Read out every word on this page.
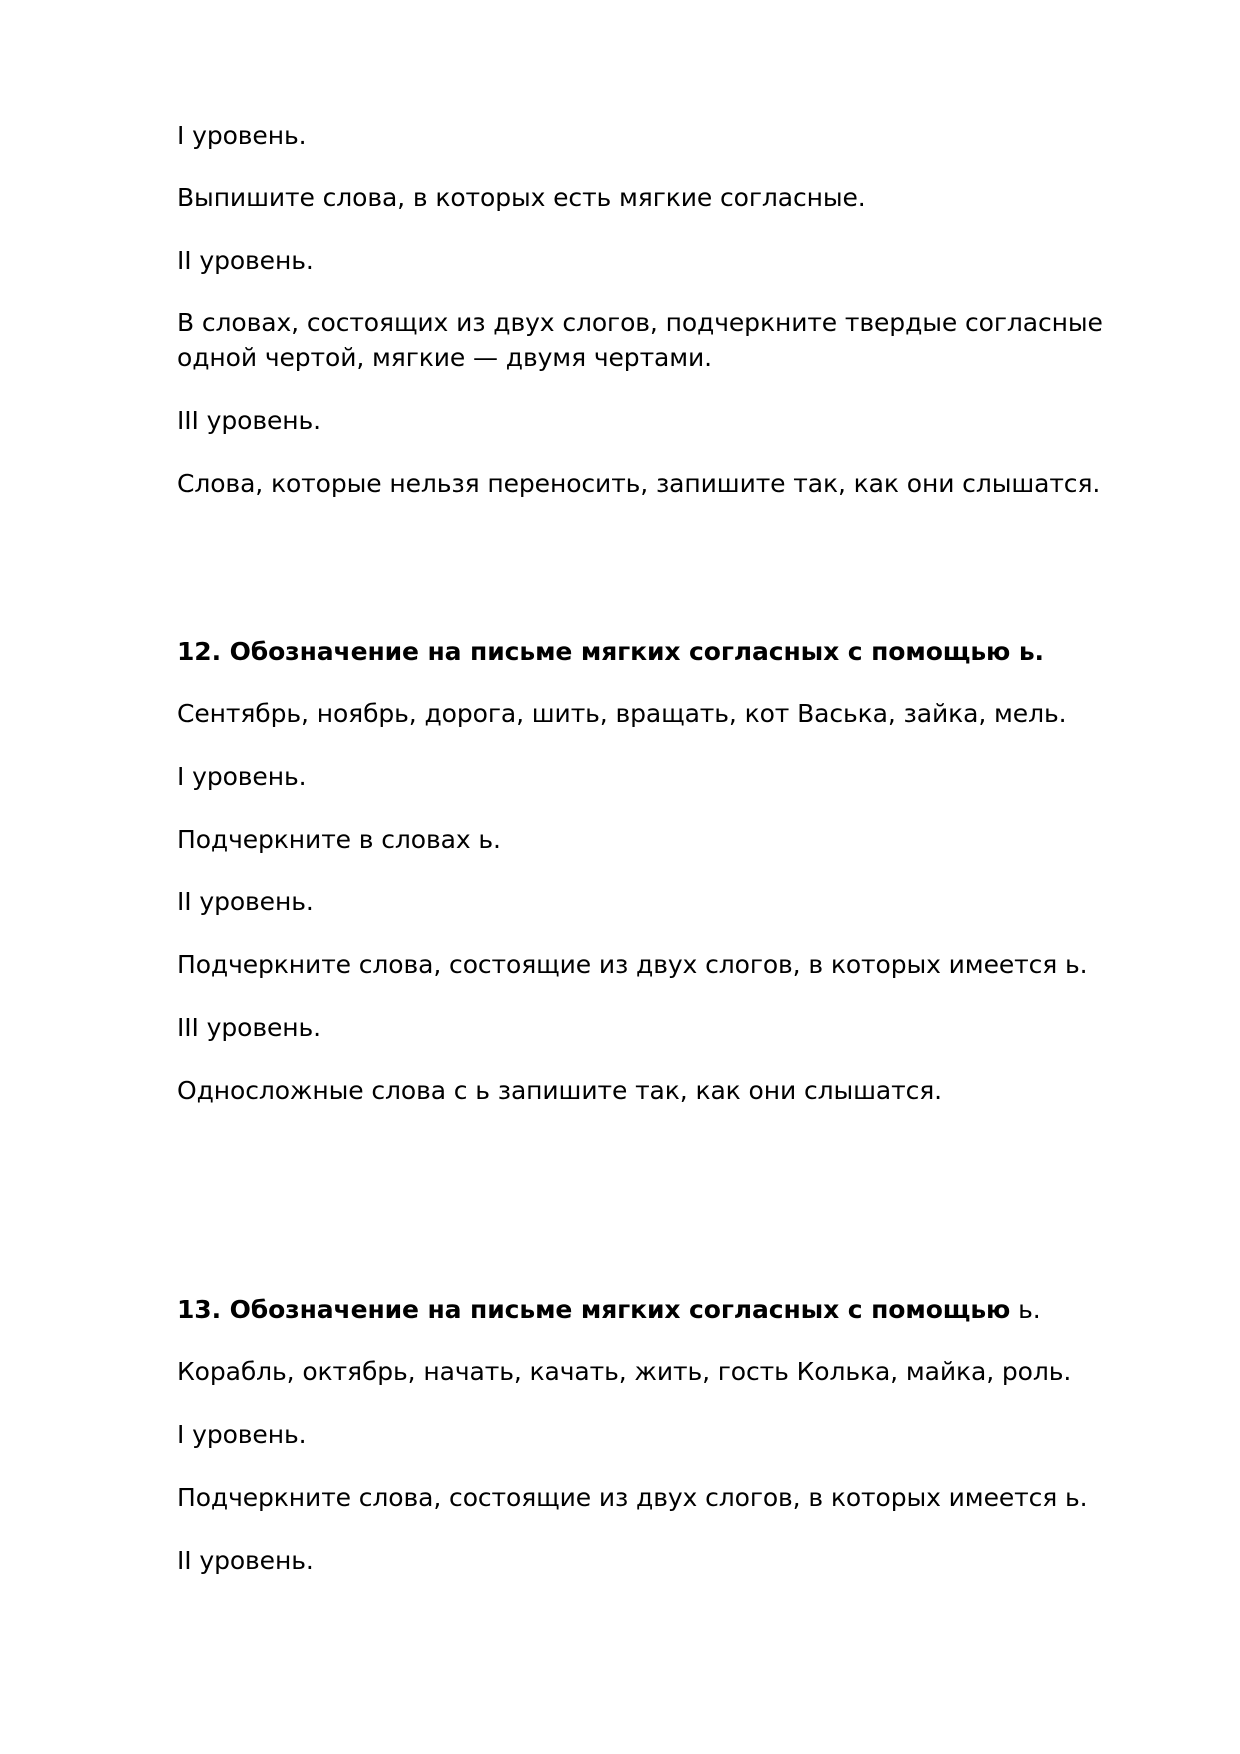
I уровень.
Выпишите слова, в которых есть мягкие согласные.
II уровень.
В словах, состоящих из двух слогов, подчеркните твердые согласные
одной чертой, мягкие — двумя чертами.
III уровень.
Слова, которые нельзя переносить, запишите так, как они слышатся.
12. Обозначение на письме мягких согласных с помощью ь.
Сентябрь, ноябрь, дорога, шить, вращать, кот Васька, зайка, мель.
I уровень.
Подчеркните в словах ь.
II уровень.
Подчеркните слова, состоящие из двух слогов, в которых имеется ь.
III уровень.
Односложные слова с ь запишите так, как они слышатся.
13. Обозначение на письме мягких согласных с помощью ь.
Корабль, октябрь, начать, качать, жить, гость Колька, майка, роль.
I уровень.
Подчеркните слова, состоящие из двух слогов, в которых имеется ь.
II уровень.
